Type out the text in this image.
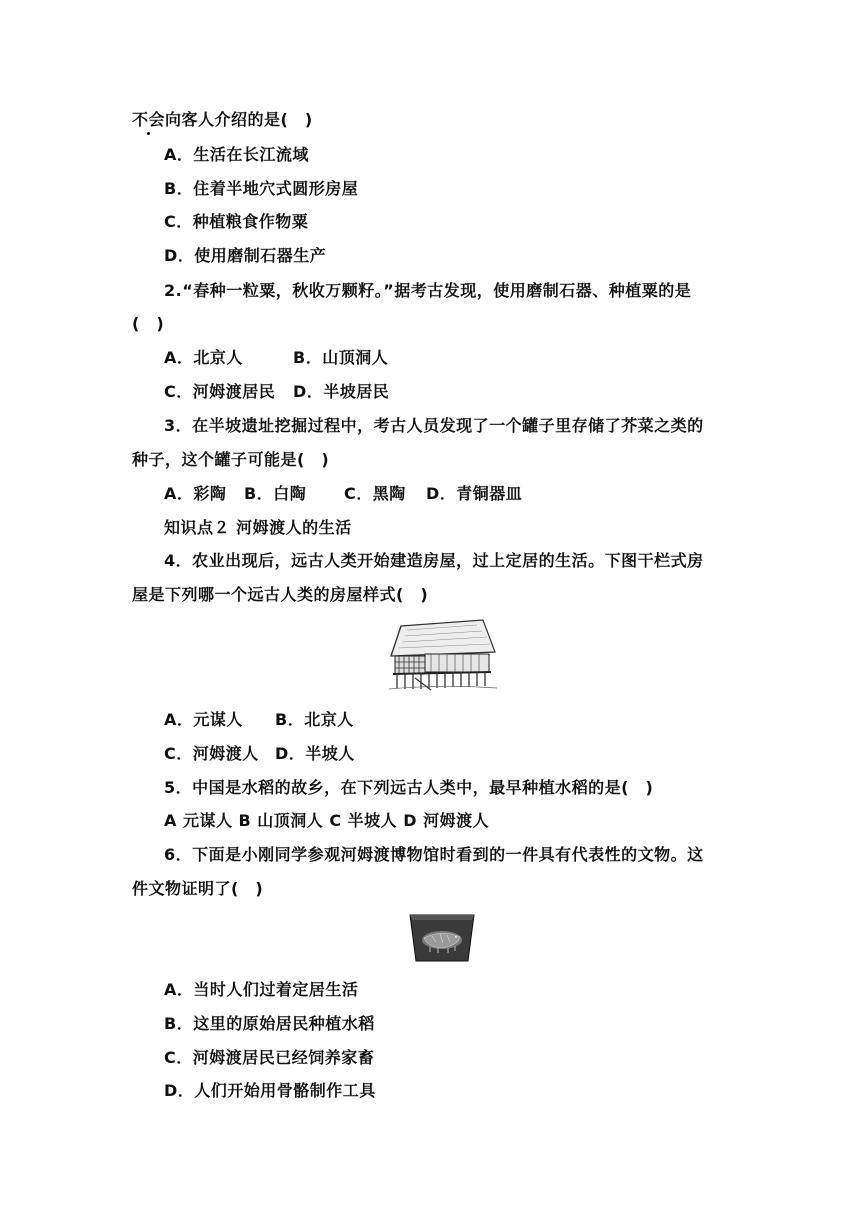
不会向客人介绍的是(　)
A．生活在长江流域
B．住着半地穴式圆形房屋
C．种植粮食作物粟
D．使用磨制石器生产
2.“春种一粒粟，秋收万颗籽。”据考古发现，使用磨制石器、种植粟的是
(　)
A．北京人	B．山顶洞人
C．河姆渡居民 D．半坡居民
3．在半坡遗址挖掘过程中，考古人员发现了一个罐子里存储了芥菜之类的
种子，这个罐子可能是(　)
A．彩陶 B．白陶 C．黑陶 D．青铜器皿
知识点２ 河姆渡人的生活
4．农业出现后，远古人类开始建造房屋，过上定居的生活。下图干栏式房
屋是下列哪一个远古人类的房屋样式(　)
A．元谋人 B．北京人
C．河姆渡人 D．半坡人
5．中国是水稻的故乡，在下列远古人类中，最早种植水稻的是(　)
A 元谋人 B 山顶洞人 C 半坡人 D 河姆渡人
6．下面是小刚同学参观河姆渡博物馆时看到的一件具有代表性的文物。这
件文物证明了(　)
A．当时人们过着定居生活
B．这里的原始居民种植水稻
C．河姆渡居民已经饲养家畜
D．人们开始用骨骼制作工具
